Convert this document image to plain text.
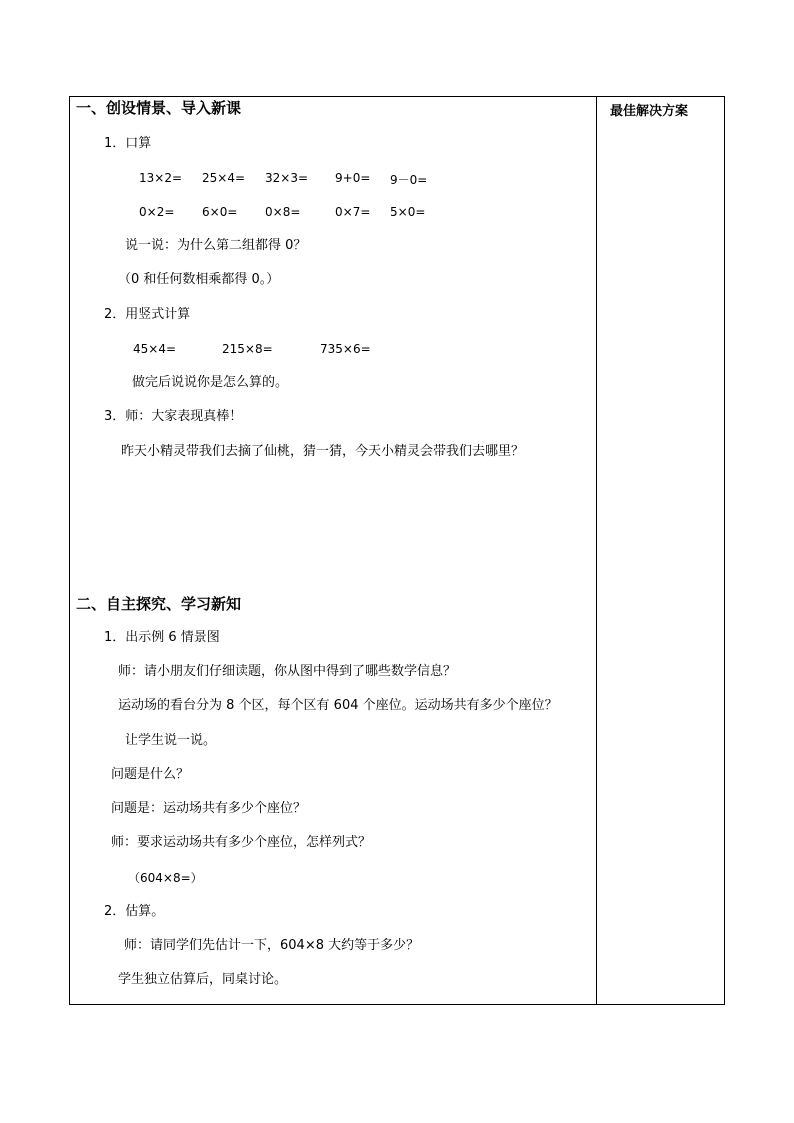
最佳解决方案
一、创设情景、导入新课
1．口算
13×2= 25×4= 32×3= 9+0= 9－0=
0×2= 6×0= 0×8=	0×7= 5×0=
说一说：为什么第二组都得 0？
（0 和任何数相乘都得 0。）
2．用竖式计算
45×4=	215×8=	735×6=
做完后说说你是怎么算的。
3．师：大家表现真棒！
昨天小精灵带我们去摘了仙桃，猜一猜，今天小精灵会带我们去哪里？
二、自主探究、学习新知
1．出示例 6 情景图
师：请小朋友们仔细读题，你从图中得到了哪些数学信息？
运动场的看台分为 8 个区，每个区有 604 个座位。运动场共有多少个座位？
让学生说一说。
问题是什么？
问题是：运动场共有多少个座位？
师：要求运动场共有多少个座位，怎样列式？
（604×8=）
2．估算。
师：请同学们先估计一下，604×8 大约等于多少？
学生独立估算后，同桌讨论。
